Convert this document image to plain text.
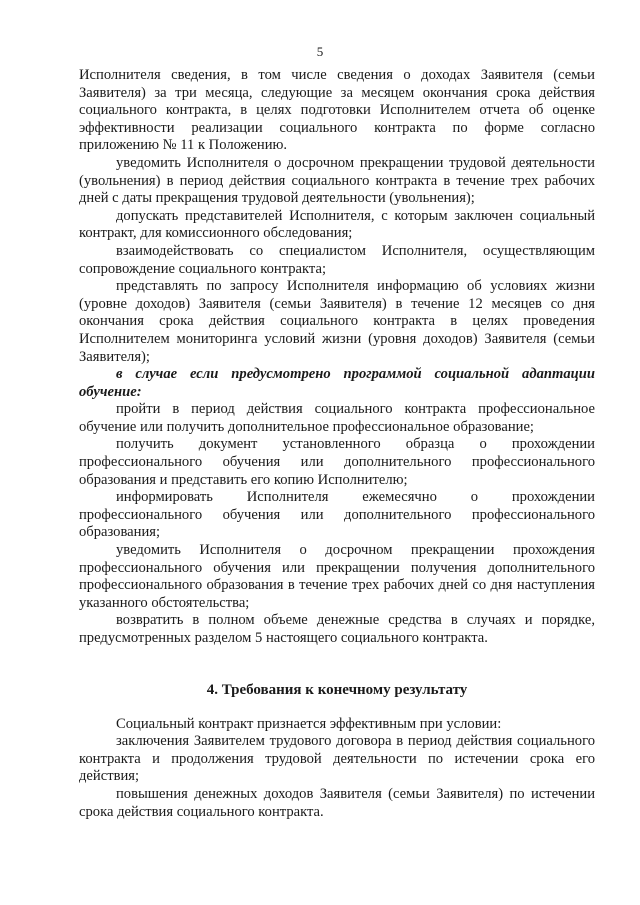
5

Исполнителя сведения, в том числе сведения о доходах Заявителя (семьи Заявителя) за три месяца, следующие за месяцем окончания срока действия социального контракта, в целях подготовки Исполнителем отчета об оценке эффективности реализации социального контракта по форме согласно приложению № 11 к Положению.

уведомить Исполнителя о досрочном прекращении трудовой деятельности (увольнения) в период действия социального контракта в течение трех рабочих дней с даты прекращения трудовой деятельности (увольнения);

допускать представителей Исполнителя, с которым заключен социальный контракт, для комиссионного обследования;

взаимодействовать со специалистом Исполнителя, осуществляющим сопровождение социального контракта;

представлять по запросу Исполнителя информацию об условиях жизни (уровне доходов) Заявителя (семьи Заявителя) в течение 12 месяцев со дня окончания срока действия социального контракта в целях проведения Исполнителем мониторинга условий жизни (уровня доходов) Заявителя (семьи Заявителя);

в случае если предусмотрено программой социальной адаптации обучение:

пройти в период действия социального контракта профессиональное обучение или получить дополнительное профессиональное образование;

получить документ установленного образца о прохождении профессионального обучения или дополнительного профессионального образования и представить его копию Исполнителю;

информировать Исполнителя ежемесячно о прохождении профессионального обучения или дополнительного профессионального образования;

уведомить Исполнителя о досрочном прекращении прохождения профессионального обучения или прекращении получения дополнительного профессионального образования в течение трех рабочих дней со дня наступления указанного обстоятельства;

возвратить в полном объеме денежные средства в случаях и порядке, предусмотренных разделом 5 настоящего социального контракта.

4. Требования к конечному результату

Социальный контракт признается эффективным при условии:

заключения Заявителем трудового договора в период действия социального контракта и продолжения трудовой деятельности по истечении срока его действия;

повышения денежных доходов Заявителя (семьи Заявителя) по истечении срока действия социального контракта.
